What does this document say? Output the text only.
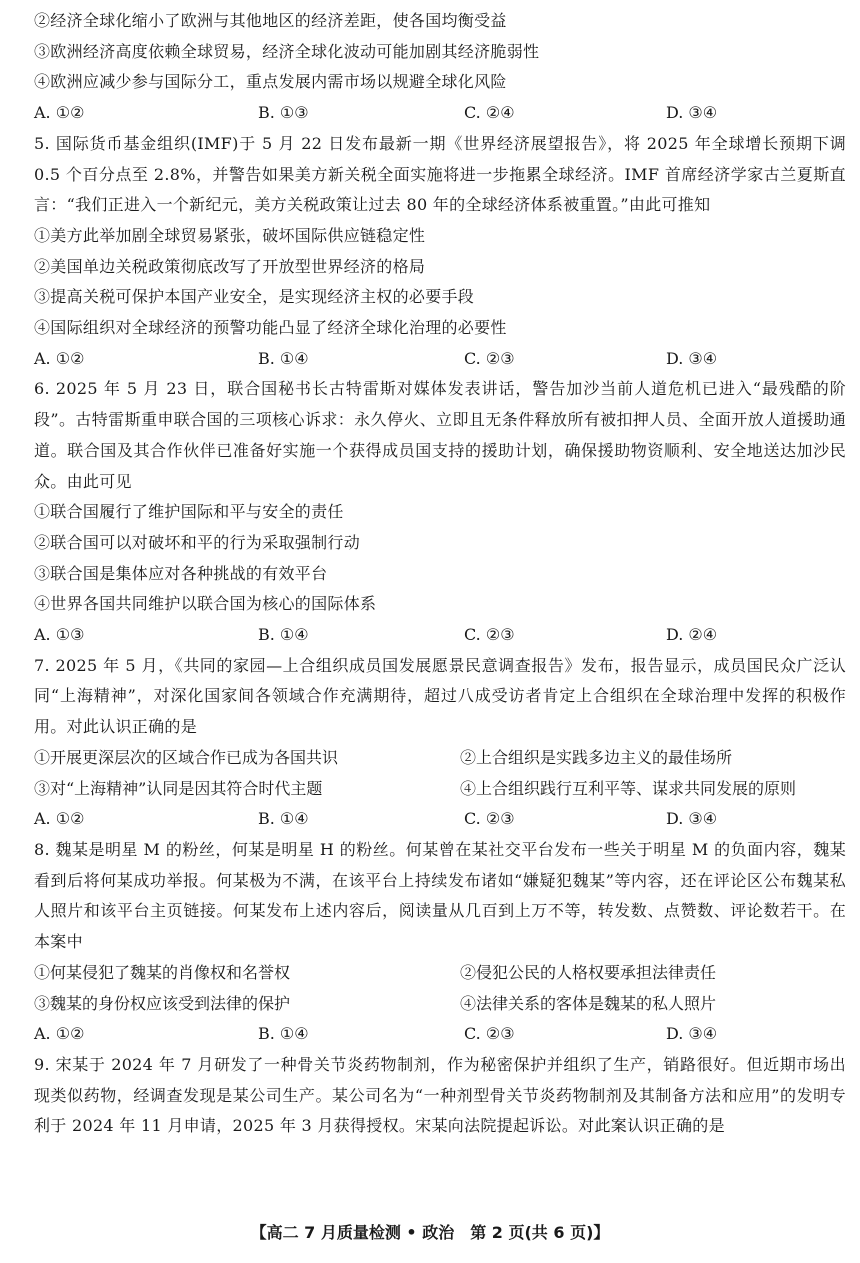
②经济全球化缩小了欧洲与其他地区的经济差距，使各国均衡受益
③欧洲经济高度依赖全球贸易，经济全球化波动可能加剧其经济脆弱性
④欧洲应减少参与国际分工，重点发展内需市场以规避全球化风险
A. ①②	B. ①③	C. ②④	D. ③④
5. 国际货币基金组织(IMF)于 5 月 22 日发布最新一期《世界经济展望报告》，将 2025 年全球增长预期下调 0.5 个百分点至 2.8%，并警告如果美方新关税全面实施将进一步拖累全球经济。IMF 首席经济学家古兰夏斯直言：“我们正进入一个新纪元，美方关税政策让过去 80 年的全球经济体系被重置。”由此可推知
①美方此举加剧全球贸易紧张，破坏国际供应链稳定性
②美国单边关税政策彻底改写了开放型世界经济的格局
③提高关税可保护本国产业安全，是实现经济主权的必要手段
④国际组织对全球经济的预警功能凸显了经济全球化治理的必要性
A. ①②	B. ①④	C. ②③	D. ③④
6. 2025 年 5 月 23 日，联合国秘书长古特雷斯对媒体发表讲话，警告加沙当前人道危机已进入“最残酷的阶段”。古特雷斯重申联合国的三项核心诉求：永久停火、立即且无条件释放所有被扣押人员、全面开放人道援助通道。联合国及其合作伙伴已准备好实施一个获得成员国支持的援助计划，确保援助物资顺利、安全地送达加沙民众。由此可见
①联合国履行了维护国际和平与安全的责任
②联合国可以对破坏和平的行为采取强制行动
③联合国是集体应对各种挑战的有效平台
④世界各国共同维护以联合国为核心的国际体系
A. ①③	B. ①④	C. ②③	D. ②④
7. 2025 年 5 月，《共同的家园—上合组织成员国发展愿景民意调查报告》发布，报告显示，成员国民众广泛认同“上海精神”，对深化国家间各领域合作充满期待，超过八成受访者肯定上合组织在全球治理中发挥的积极作用。对此认识正确的是
①开展更深层次的区域合作已成为各国共识	②上合组织是实践多边主义的最佳场所
③对“上海精神”认同是因其符合时代主题	④上合组织践行互利平等、谋求共同发展的原则
A. ①②	B. ①④	C. ②③	D. ③④
8. 魏某是明星 M 的粉丝，何某是明星 H 的粉丝。何某曾在某社交平台发布一些关于明星 M 的负面内容，魏某看到后将何某成功举报。何某极为不满，在该平台上持续发布诸如“嫌疑犯魏某”等内容，还在评论区公布魏某私人照片和该平台主页链接。何某发布上述内容后，阅读量从几百到上万不等，转发数、点赞数、评论数若干。在本案中
①何某侵犯了魏某的肖像权和名誉权	②侵犯公民的人格权要承担法律责任
③魏某的身份权应该受到法律的保护	④法律关系的客体是魏某的私人照片
A. ①②	B. ①④	C. ②③	D. ③④
9. 宋某于 2024 年 7 月研发了一种骨关节炎药物制剂，作为秘密保护并组织了生产，销路很好。但近期市场出现类似药物，经调查发现是某公司生产。某公司名为“一种剂型骨关节炎药物制剂及其制备方法和应用”的发明专利于 2024 年 11 月申请，2025 年 3 月获得授权。宋某向法院提起诉讼。对此案认识正确的是
【高二 7 月质量检测 • 政治　第 2 页(共 6 页)】
